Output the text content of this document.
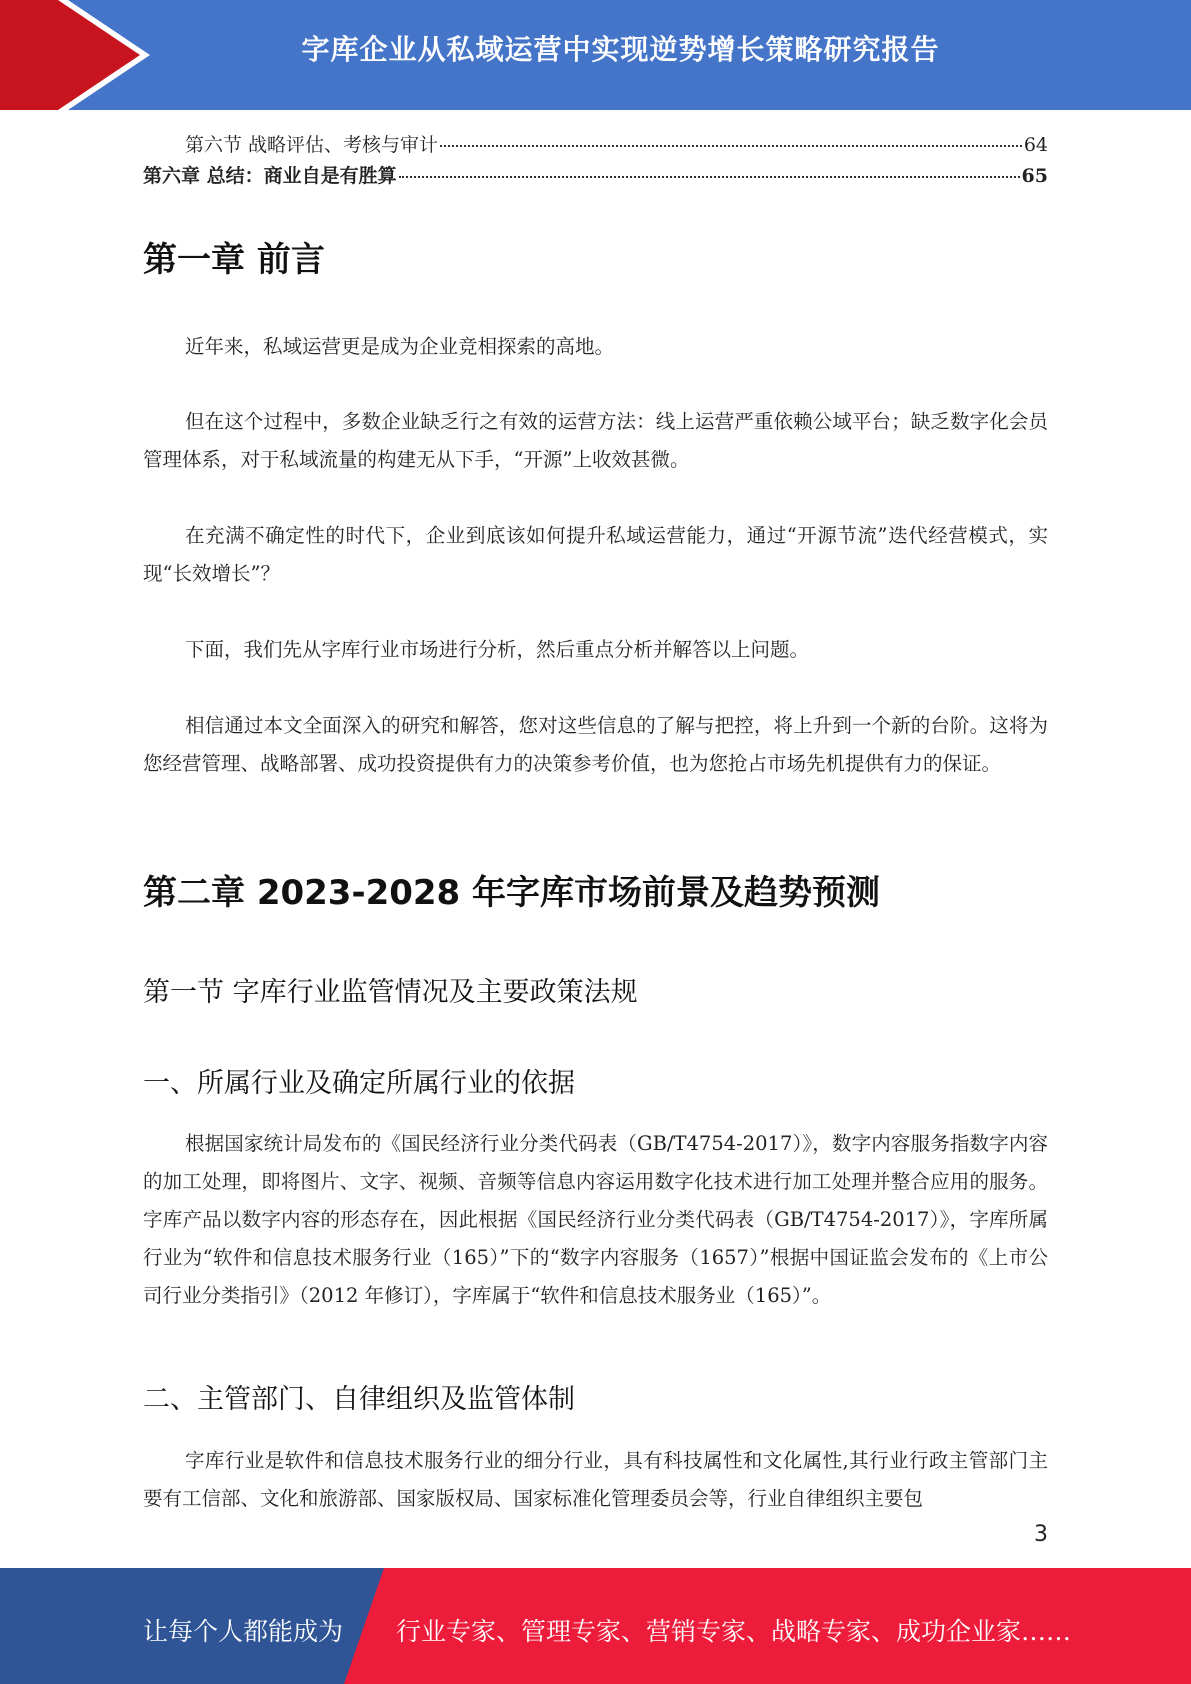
字库企业从私域运营中实现逆势增长策略研究报告
第六节 战略评估、考核与审计	64
第六章 总结：商业自是有胜算	65
第一章 前言

近年来，私域运营更是成为企业竞相探索的高地。

但在这个过程中，多数企业缺乏行之有效的运营方法：线上运营严重依赖公域平台；缺乏数字化会员管理体系，对于私域流量的构建无从下手，“开源”上收效甚微。

在充满不确定性的时代下，企业到底该如何提升私域运营能力，通过“开源节流”迭代经营模式，实现“长效增长”？

下面，我们先从字库行业市场进行分析，然后重点分析并解答以上问题。

相信通过本文全面深入的研究和解答，您对这些信息的了解与把控，将上升到一个新的台阶。这将为您经营管理、战略部署、成功投资提供有力的决策参考价值，也为您抢占市场先机提供有力的保证。

第二章 2023-2028 年字库市场前景及趋势预测
第一节 字库行业监管情况及主要政策法规
一、所属行业及确定所属行业的依据

根据国家统计局发布的《国民经济行业分类代码表（GB/T4754-2017）》，数字内容服务指数字内容的加工处理，即将图片、文字、视频、音频等信息内容运用数字化技术进行加工处理并整合应用的服务。字库产品以数字内容的形态存在，因此根据《国民经济行业分类代码表（GB/T4754-2017）》，字库所属行业为“软件和信息技术服务行业（165）”下的“数字内容服务（1657）”根据中国证监会发布的《上市公司行业分类指引》（2012 年修订），字库属于“软件和信息技术服务业（165）”。

二、主管部门、自律组织及监管体制

字库行业是软件和信息技术服务行业的细分行业，具有科技属性和文化属性,其行业行政主管部门主要有工信部、文化和旅游部、国家版权局、国家标准化管理委员会等，行业自律组织主要包

3
让每个人都能成为 行业专家、管理专家、营销专家、战略专家、成功企业家……
